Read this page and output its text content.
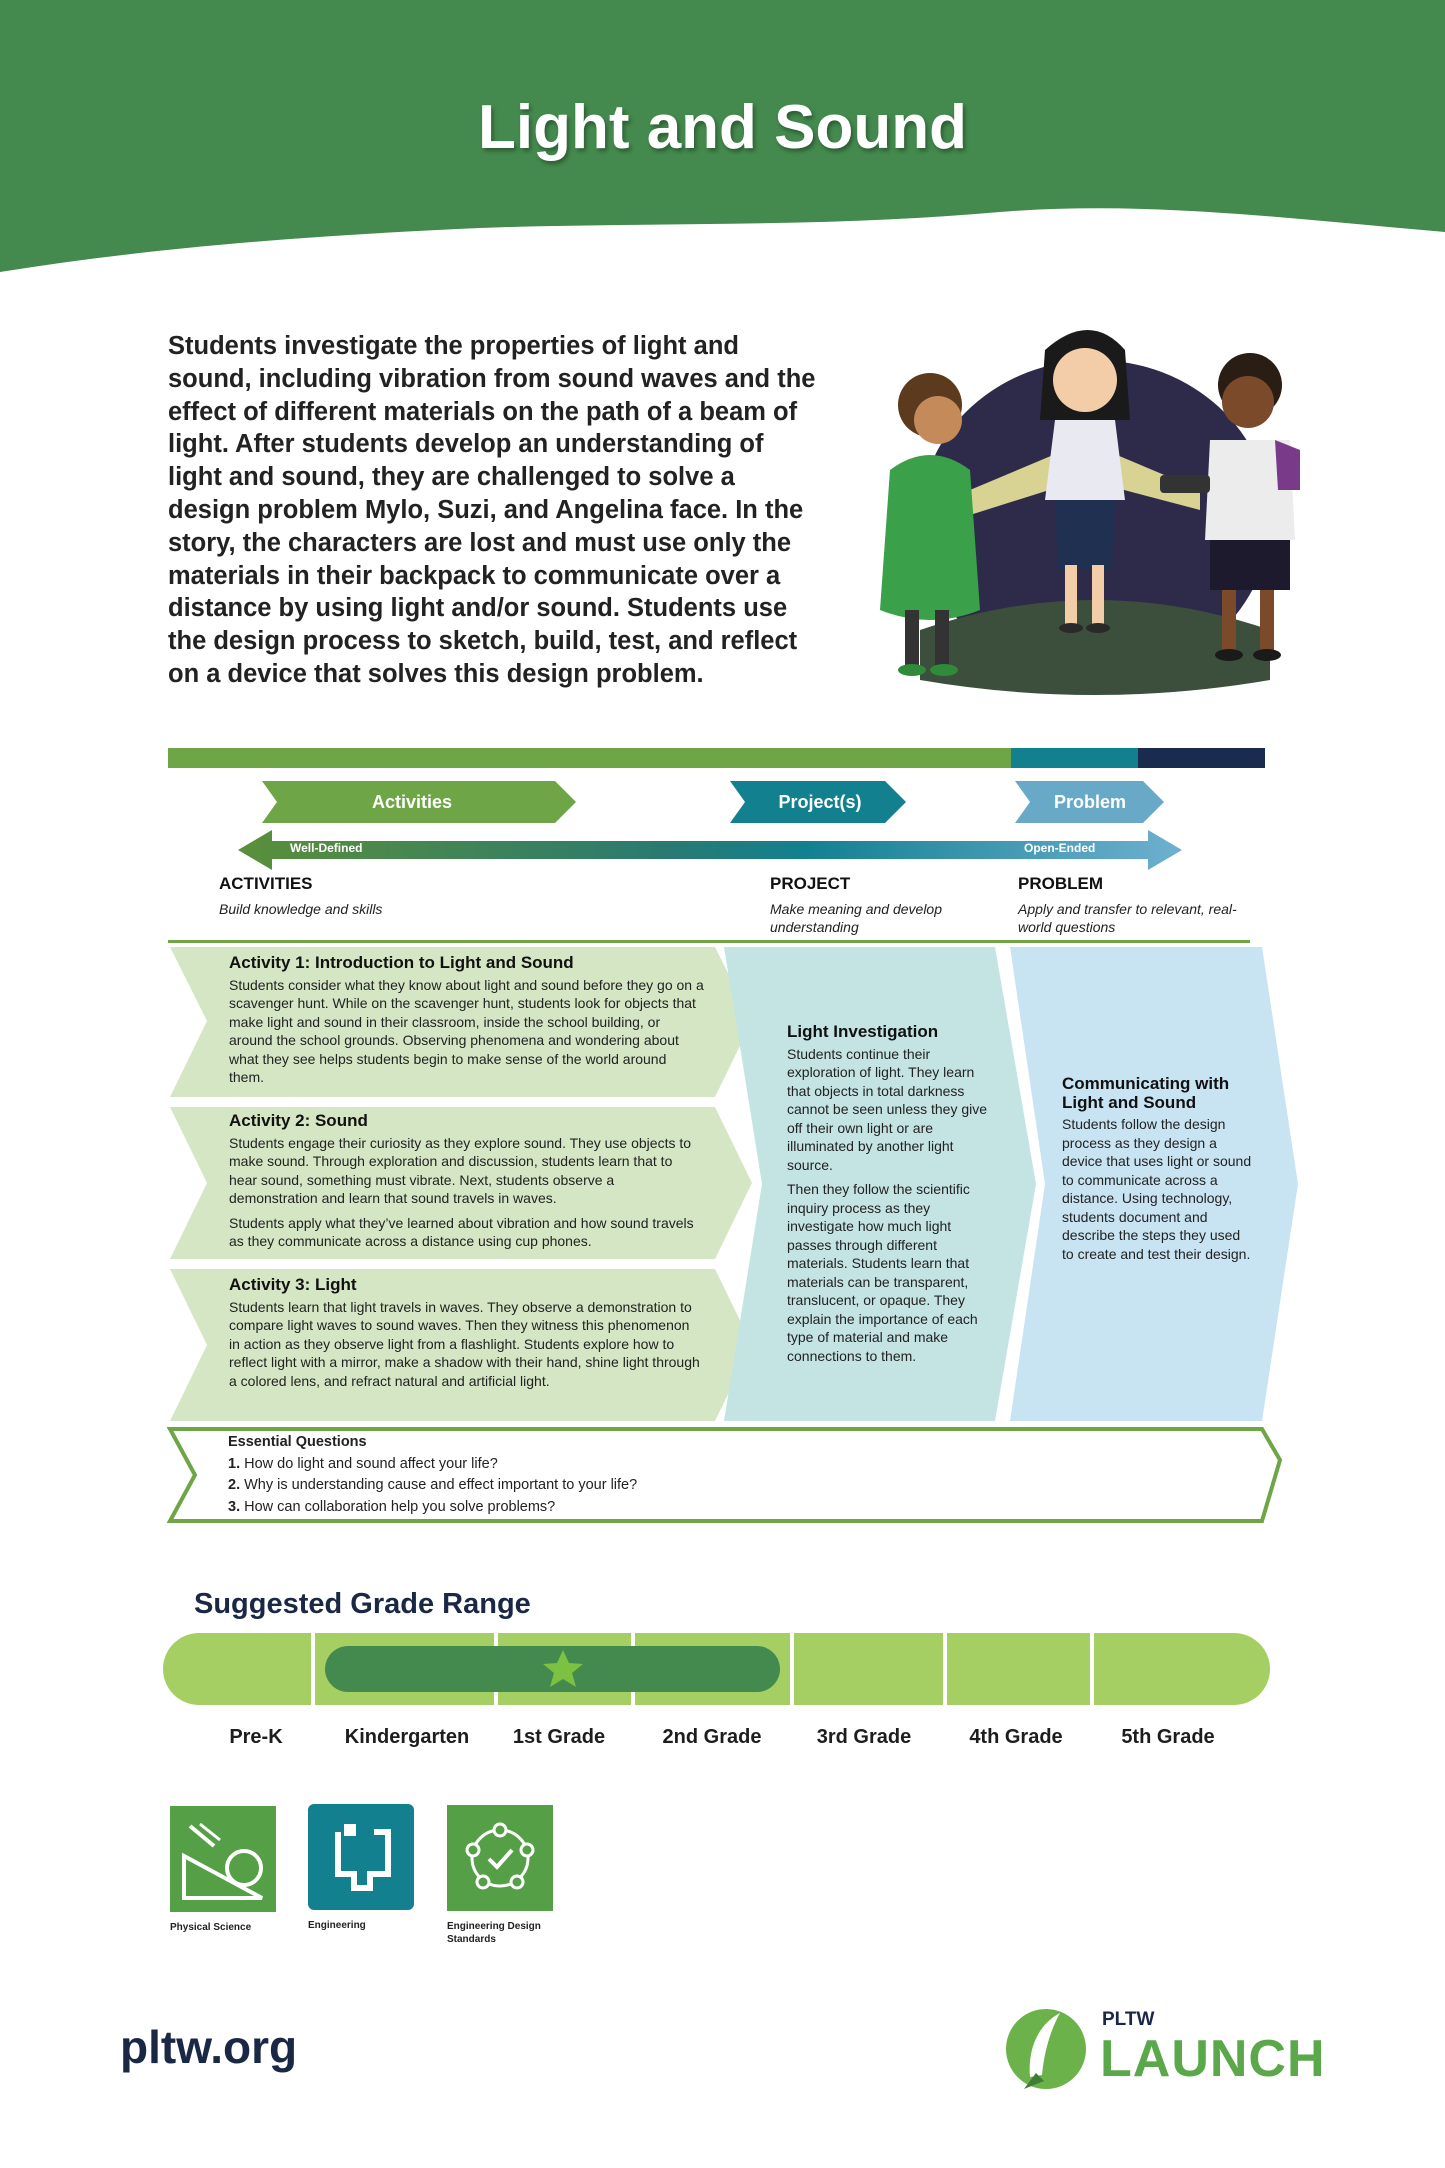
Light and Sound
Students investigate the properties of light and sound, including vibration from sound waves and the effect of different materials on the path of a beam of light. After students develop an understanding of light and sound, they are challenged to solve a design problem Mylo, Suzi, and Angelina face. In the story, the characters are lost and must use only the materials in their backpack to communicate over a distance by using light and/or sound. Students use the design process to sketch, build, test, and reflect on a device that solves this design problem.
Activities	Project(s)	Problem
Well-Defined	Open-Ended
ACTIVITIES
Build knowledge and skills
PROJECT
Make meaning and develop understanding
PROBLEM
Apply and transfer to relevant, real-world questions
Activity 1: Introduction to Light and Sound

Students consider what they know about light and sound before they go on a scavenger hunt. While on the scavenger hunt, students look for objects that make light and sound in their classroom, inside the school building, or around the school grounds. Observing phenomena and wondering about what they see helps students begin to make sense of the world around them.

Activity 2: Sound

Students engage their curiosity as they explore sound. They use objects to make sound. Through exploration and discussion, students learn that to hear sound, something must vibrate. Next, students observe a demonstration and learn that sound travels in waves.

Students apply what they’ve learned about vibration and how sound travels as they communicate across a distance using cup phones.

Activity 3: Light

Students learn that light travels in waves. They observe a demonstration to compare light waves to sound waves. Then they witness this phenomenon in action as they observe light from a flashlight. Students explore how to reflect light with a mirror, make a shadow with their hand, shine light through a colored lens, and refract natural and artificial light.

Light Investigation

Students continue their exploration of light. They learn that objects in total darkness cannot be seen unless they give off their own light or are illuminated by another light source.

Then they follow the scientific inquiry process as they investigate how much light passes through different materials. Students learn that materials can be transparent, translucent, or opaque. They explain the importance of each type of material and make connections to them.

Communicating with Light and Sound

Students follow the design process as they design a device that uses light or sound to communicate across a distance. Using technology, students document and describe the steps they used to create and test their design.

Essential Questions
1. How do light and sound affect your life?
2. Why is understanding cause and effect important to your life?
3. How can collaboration help you solve problems?
Suggested Grade Range
Pre-K	Kindergarten	1st Grade	2nd Grade	3rd Grade	4th Grade	5th Grade
Physical Science	Engineering	Engineering Design Standards
pltw.org
PLTW
LAUNCH
